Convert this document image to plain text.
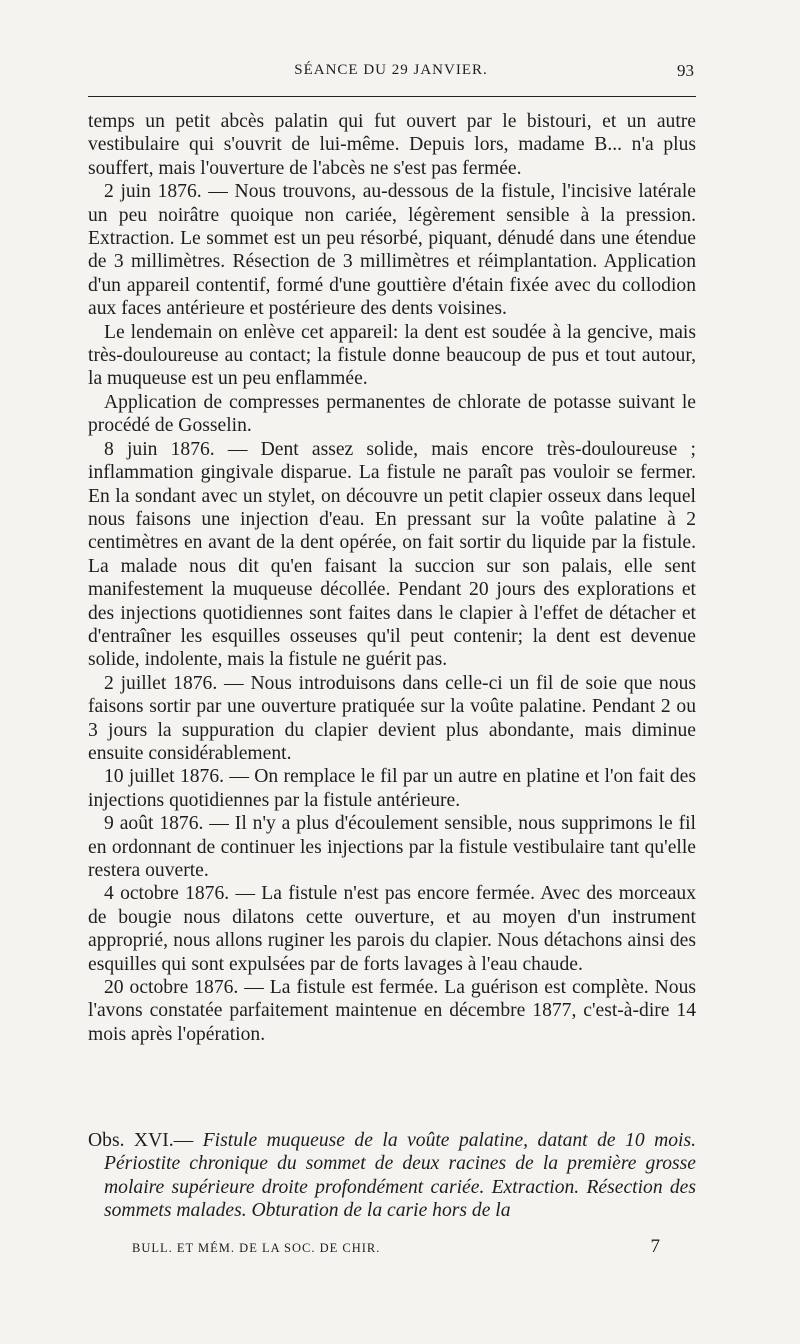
SÉANCE DU 29 JANVIER.	93

temps un petit abcès palatin qui fut ouvert par le bistouri, et un autre vestibulaire qui s'ouvrit de lui-même. Depuis lors, madame B... n'a plus souffert, mais l'ouverture de l'abcès ne s'est pas fermée.

2 juin 1876. — Nous trouvons, au-dessous de la fistule, l'incisive latérale un peu noirâtre quoique non cariée, légèrement sensible à la pression. Extraction. Le sommet est un peu résorbé, piquant, dénudé dans une étendue de 3 millimètres. Résection de 3 millimètres et réimplantation. Application d'un appareil contentif, formé d'une gouttière d'étain fixée avec du collodion aux faces antérieure et postérieure des dents voisines.

Le lendemain on enlève cet appareil: la dent est soudée à la gencive, mais très-douloureuse au contact; la fistule donne beaucoup de pus et tout autour, la muqueuse est un peu enflammée.

Application de compresses permanentes de chlorate de potasse suivant le procédé de Gosselin.

8 juin 1876. — Dent assez solide, mais encore très-douloureuse ; inflammation gingivale disparue. La fistule ne paraît pas vouloir se fermer. En la sondant avec un stylet, on découvre un petit clapier osseux dans lequel nous faisons une injection d'eau. En pressant sur la voûte palatine à 2 centimètres en avant de la dent opérée, on fait sortir du liquide par la fistule. La malade nous dit qu'en faisant la succion sur son palais, elle sent manifestement la muqueuse décollée. Pendant 20 jours des explorations et des injections quotidiennes sont faites dans le clapier à l'effet de détacher et d'entraîner les esquilles osseuses qu'il peut contenir; la dent est devenue solide, indolente, mais la fistule ne guérit pas.

2 juillet 1876. — Nous introduisons dans celle-ci un fil de soie que nous faisons sortir par une ouverture pratiquée sur la voûte palatine. Pendant 2 ou 3 jours la suppuration du clapier devient plus abondante, mais diminue ensuite considérablement.

10 juillet 1876. — On remplace le fil par un autre en platine et l'on fait des injections quotidiennes par la fistule antérieure.

9 août 1876. — Il n'y a plus d'écoulement sensible, nous supprimons le fil en ordonnant de continuer les injections par la fistule vestibulaire tant qu'elle restera ouverte.

4 octobre 1876. — La fistule n'est pas encore fermée. Avec des morceaux de bougie nous dilatons cette ouverture, et au moyen d'un instrument approprié, nous allons ruginer les parois du clapier. Nous détachons ainsi des esquilles qui sont expulsées par de forts lavages à l'eau chaude.

20 octobre 1876. — La fistule est fermée. La guérison est complète. Nous l'avons constatée parfaitement maintenue en décembre 1877, c'est-à-dire 14 mois après l'opération.

Obs. XVI.— Fistule muqueuse de la voûte palatine, datant de 10 mois. Périostite chronique du sommet de deux racines de la première grosse molaire supérieure droite profondément cariée. Extraction. Résection des sommets malades. Obturation de la carie hors de la
BULL. ET MÉM. DE LA SOC. DE CHIR.	7
